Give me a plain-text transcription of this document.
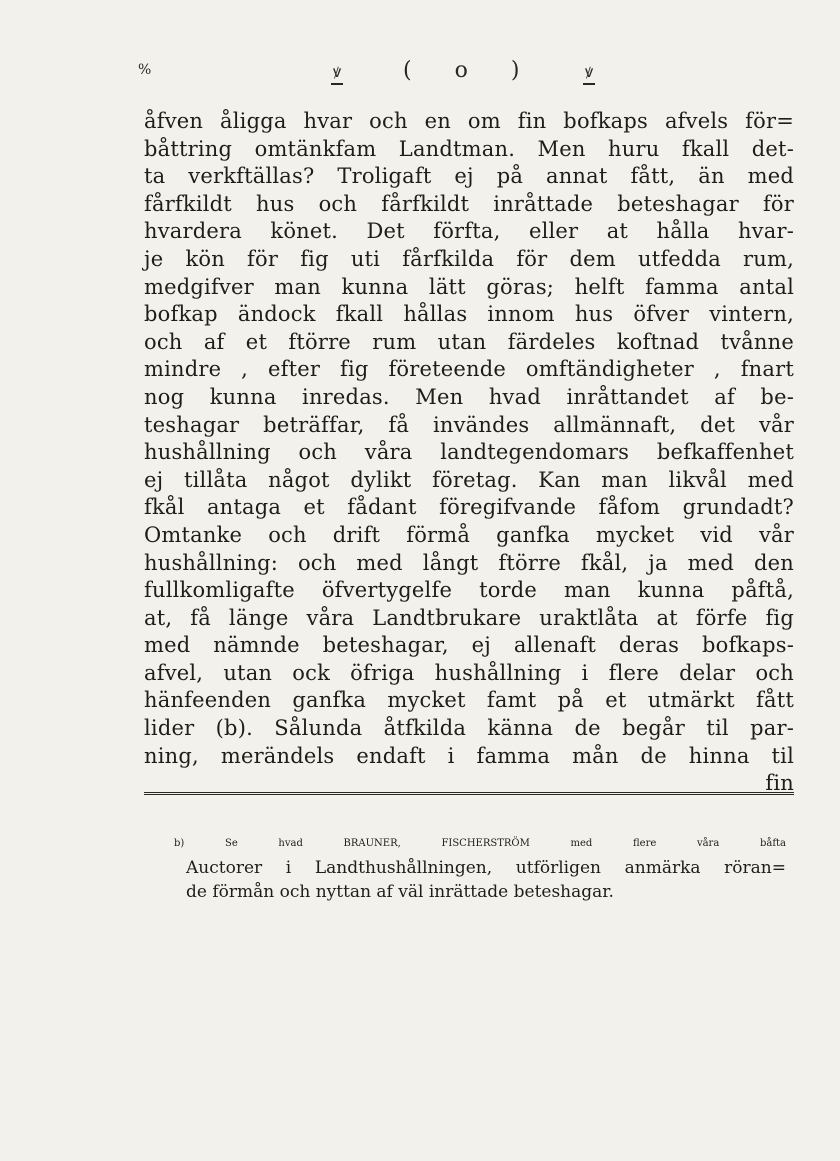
%	ꝟ	( o )	ꝟ
åfven åligga hvar och en om fin bofkaps afvels för=
båttring omtänkfam Landtman. Men huru fkall det-
ta verkftällas? Troligaft ej på annat fått, än med
fårfkildt hus och fårfkildt inråttade beteshagar för
hvardera könet. Det förfta, eller at hålla hvar-
je kön för fig uti fårfkilda för dem utfedda rum,
medgifver man kunna lätt göras; helft famma antal
bofkap ändock fkall hållas innom hus öfver vintern,
och af et ftörre rum utan färdeles koftnad tvånne
mindre , efter fig företeende omftändigheter , fnart
nog kunna inredas. Men hvad inråttandet af be-
teshagar beträffar, få invändes allmännaft, det vår
hushållning och våra landtegendomars befkaffenhet
ej tillåta något dylikt företag. Kan man likvål med
fkål antaga et fådant föregifvande fåfom grundadt?
Omtanke och drift förmå ganfka mycket vid vår
hushållning: och med långt ftörre fkål, ja med den
fullkomligafte öfvertygelfe torde man kunna påftå,
at, få länge våra Landtbrukare uraktlåta at förfe fig
med nämnde beteshagar, ej allenaft deras bofkaps-
afvel, utan ock öfriga hushållning i flere delar och
hänfeenden ganfka mycket famt på et utmärkt fått
lider (b). Sålunda åtfkilda känna de begår til par-
ning, merändels endaft i famma mån de hinna til
fin
b) Se hvad BRAUNER, FISCHERSTRÖM med flere våra båfta
Auctorer i Landthushållningen, utförligen anmärka röran=
de förmån och nyttan af väl inrättade beteshagar.
